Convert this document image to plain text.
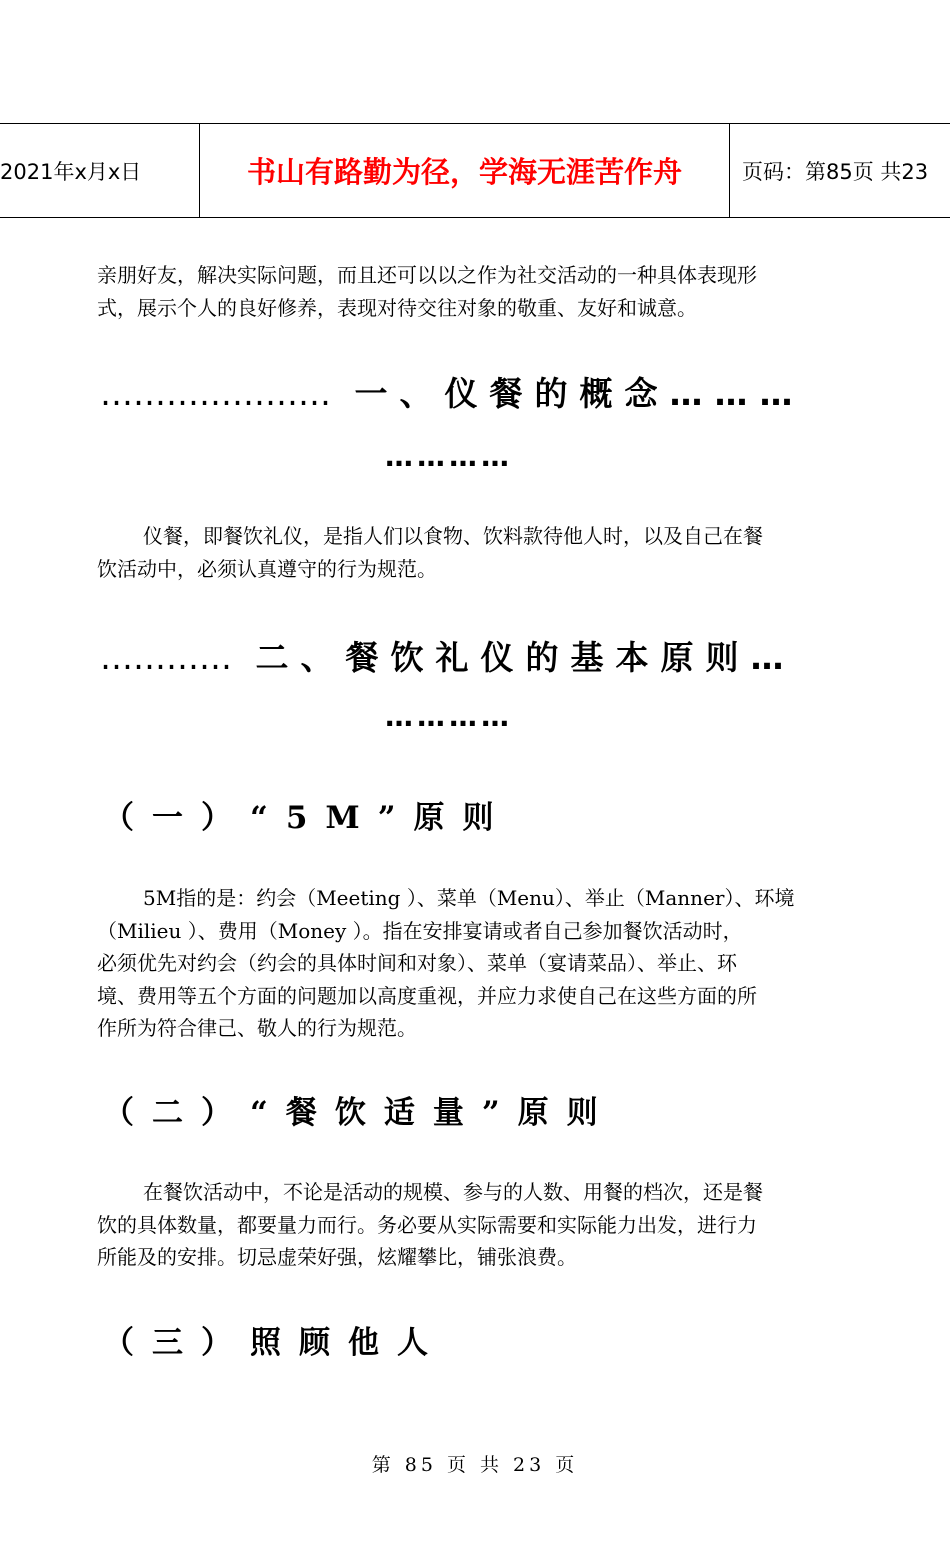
2021年x月x日	书山有路勤为径，学海无涯苦作舟	页码：第85页 共23
亲朋好友，解决实际问题，而且还可以以之作为社交活动的一种具体表现形
式，展示个人的良好修养，表现对待交往对象的敬重、友好和诚意。
………………… 一、仪餐的概念………
…………
仪餐，即餐饮礼仪，是指人们以食物、饮料款待他人时，以及自己在餐
饮活动中，必须认真遵守的行为规范。
………… 二、餐饮礼仪的基本原则…
…………
（一）“5M”原则
5M指的是：约会（Meeting ）、菜单（Menu）、举止（Manner）、环境
（Milieu ）、费用（Money ）。指在安排宴请或者自己参加餐饮活动时，
必须优先对约会（约会的具体时间和对象）、菜单（宴请菜品）、举止、环
境、费用等五个方面的问题加以高度重视，并应力求使自己在这些方面的所
作所为符合律己、敬人的行为规范。
（二）“餐饮适量”原则
在餐饮活动中，不论是活动的规模、参与的人数、用餐的档次，还是餐
饮的具体数量，都要量力而行。务必要从实际需要和实际能力出发，进行力
所能及的安排。切忌虚荣好强，炫耀攀比，铺张浪费。
（三）照顾他人
第 85 页 共 23 页
